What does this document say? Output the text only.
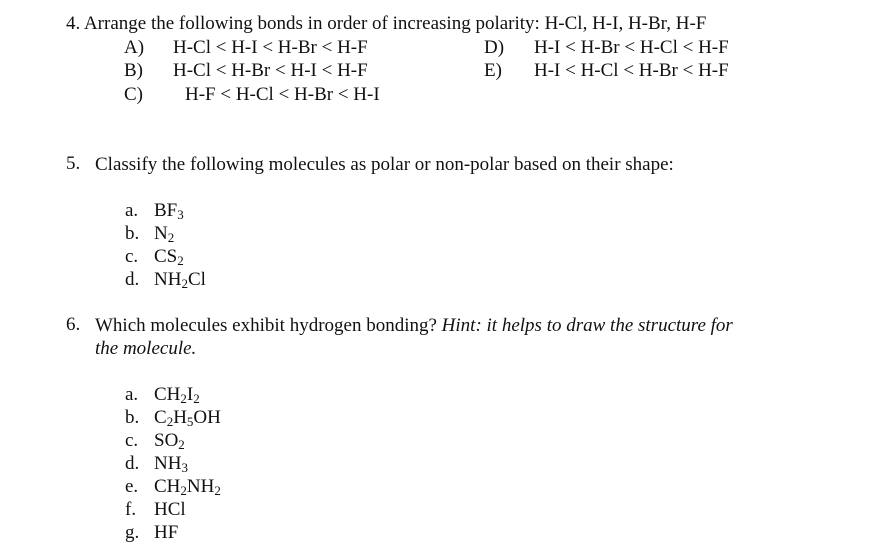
4. Arrange the following bonds in order of increasing polarity: H-Cl, H-I, H-Br, H-F
A) H-Cl < H-I < H-Br < H-F
B) H-Cl < H-Br < H-I < H-F
C) H-F < H-Cl < H-Br < H-I
D) H-I < H-Br < H-Cl < H-F
E) H-I < H-Cl < H-Br < H-F
5. Classify the following molecules as polar or non-polar based on their shape:
a. $BF_3$
b. $N_2$
c. $CS_2$
d. $NH_2Cl$
6. Which molecules exhibit hydrogen bonding? Hint: it helps to draw the structure for
the molecule.
a. $CH_2I_2$
b. $C_2H_5OH$
c. $SO_2$
d. $NH_3$
e. $CH_2NH_2$
f. HCl
g. HF
